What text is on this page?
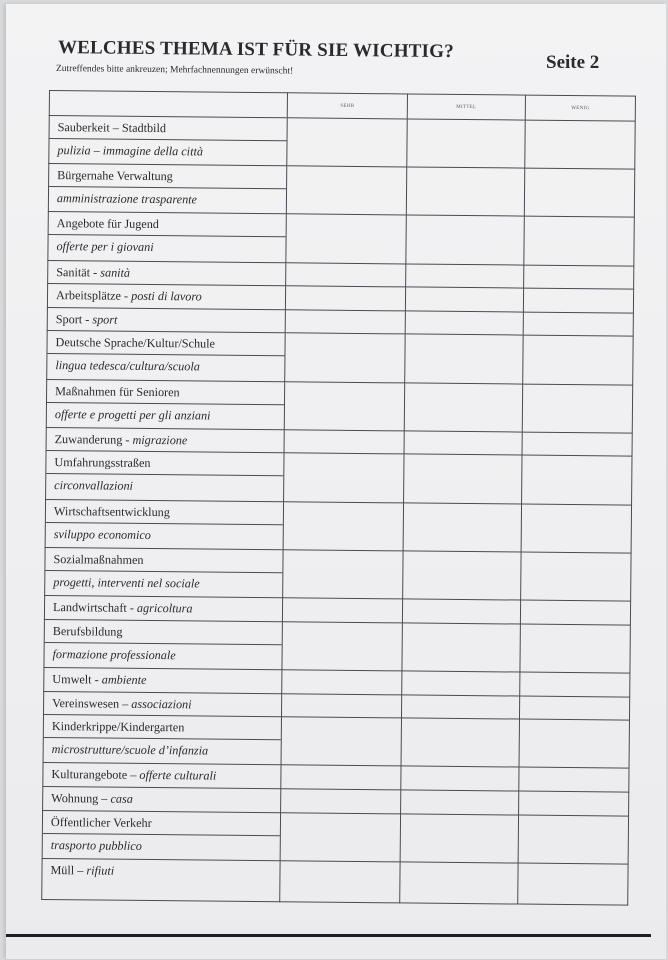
WELCHES THEMA IST FÜR SIE WICHTIG?
Seite 2
Zutreffendes bitte ankreuzen; Mehrfachnennungen erwünscht!
	SEHR	MITTEL	WENIG

Sauberkeit – Stadtbild
pulizia – immagine della città			

Bürgernahe Verwaltung
amministrazione trasparente			

Angebote für Jugend
offerte per i giovani			

Sanität - sanità			
Arbeitsplätze - posti di lavoro			
Sport - sport			

Deutsche Sprache/Kultur/Schule
lingua tedesca/cultura/scuola			

Maßnahmen für Senioren
offerte e progetti per gli anziani			

Zuwanderung - migrazione			

Umfahrungsstraßen
circonvallazioni			

Wirtschaftsentwicklung
sviluppo economico			

Sozialmaßnahmen
progetti, interventi nel sociale			

Landwirtschaft - agricoltura			

Berufsbildung
formazione professionale			

Umwelt - ambiente			
Vereinswesen – associazioni			

Kinderkrippe/Kindergarten
microstrutture/scuole d’infanzia			

Kulturangebote – offerte culturali			
Wohnung – casa			

Öffentlicher Verkehr
trasporto pubblico			

Müll – rifiuti			
